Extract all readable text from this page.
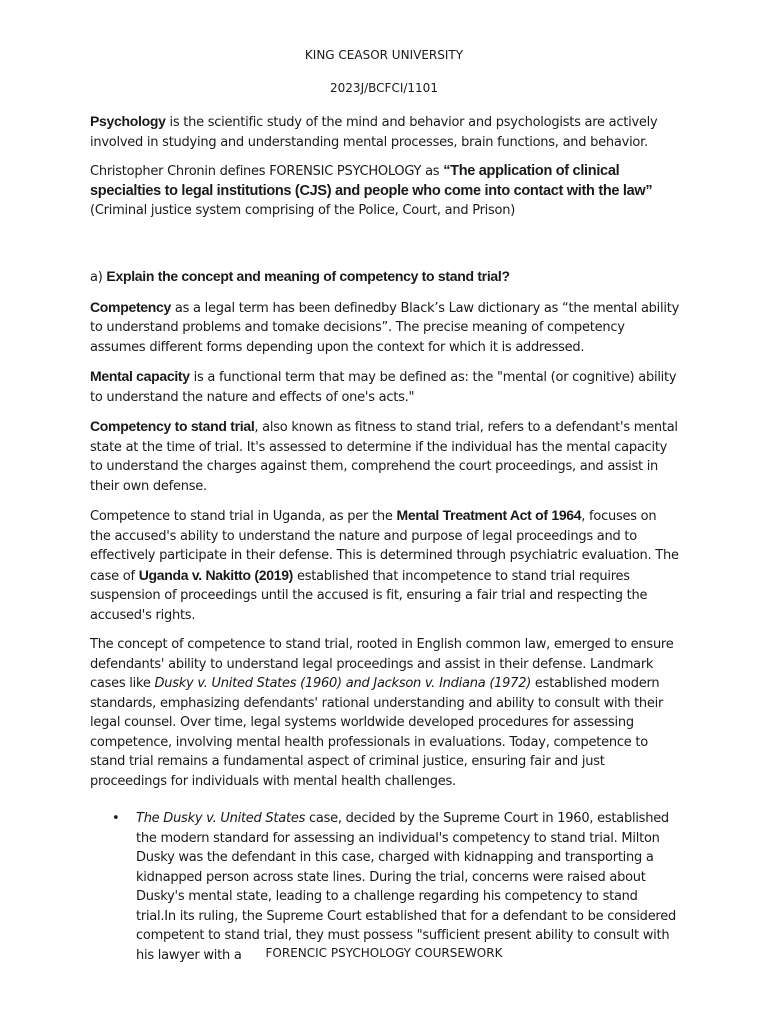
KING CEASOR UNIVERSITY
2023J/BCFCI/1101

Psychology is the scientific study of the mind and behavior and psychologists are actively involved in studying and understanding mental processes, brain functions, and behavior.

Christopher Chronin defines FORENSIC PSYCHOLOGY as “The application of clinical specialties to legal institutions (CJS) and people who come into contact with the law” (Criminal justice system comprising of the Police, Court, and Prison)

a) Explain the concept and meaning of competency to stand trial?

Competency as a legal term has been definedby Black’s Law dictionary as “the mental ability to understand problems and tomake decisions”. The precise meaning of competency assumes different forms depending upon the context for which it is addressed.

Mental capacity is a functional term that may be defined as: the "mental (or cognitive) ability to understand the nature and effects of one's acts."

Competency to stand trial, also known as fitness to stand trial, refers to a defendant's mental state at the time of trial. It's assessed to determine if the individual has the mental capacity to understand the charges against them, comprehend the court proceedings, and assist in their own defense.

Competence to stand trial in Uganda, as per the Mental Treatment Act of 1964, focuses on the accused's ability to understand the nature and purpose of legal proceedings and to effectively participate in their defense. This is determined through psychiatric evaluation. The case of Uganda v. Nakitto (2019) established that incompetence to stand trial requires suspension of proceedings until the accused is fit, ensuring a fair trial and respecting the accused's rights.

The concept of competence to stand trial, rooted in English common law, emerged to ensure defendants' ability to understand legal proceedings and assist in their defense. Landmark cases like Dusky v. United States (1960) and Jackson v. Indiana (1972) established modern standards, emphasizing defendants' rational understanding and ability to consult with their legal counsel. Over time, legal systems worldwide developed procedures for assessing competence, involving mental health professionals in evaluations. Today, competence to stand trial remains a fundamental aspect of criminal justice, ensuring fair and just proceedings for individuals with mental health challenges.

• The Dusky v. United States case, decided by the Supreme Court in 1960, established the modern standard for assessing an individual's competency to stand trial. Milton Dusky was the defendant in this case, charged with kidnapping and transporting a kidnapped person across state lines. During the trial, concerns were raised about Dusky's mental state, leading to a challenge regarding his competency to stand trial.In its ruling, the Supreme Court established that for a defendant to be considered competent to stand trial, they must possess "sufficient present ability to consult with his lawyer with a	FORENCIC PSYCHOLOGY COURSEWORK
